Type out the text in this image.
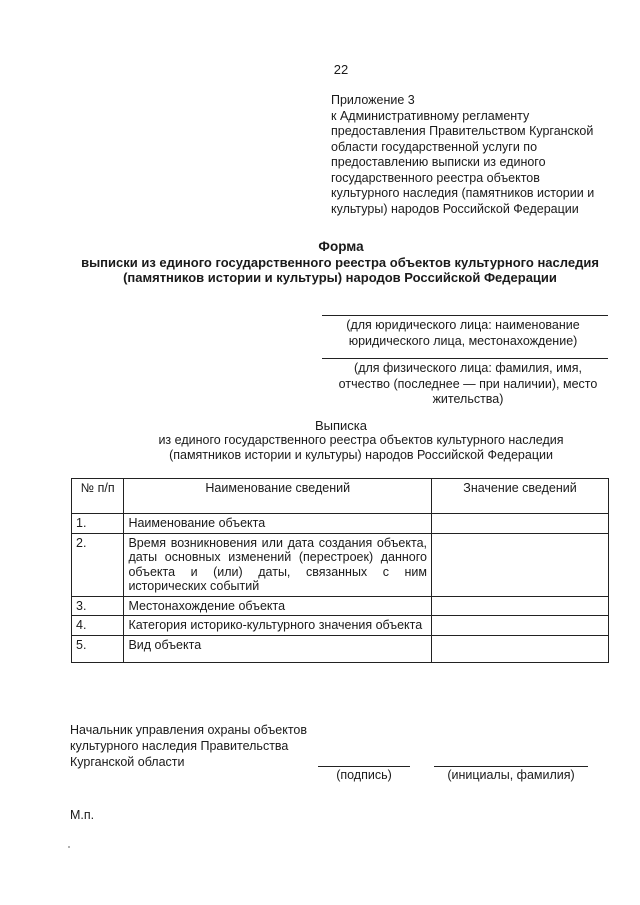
22
Приложение 3
к Административному регламенту
предоставления Правительством Курганской
области государственной услуги по
предоставлению выписки из единого
государственного реестра объектов
культурного наследия (памятников истории и
культуры) народов Российской Федерации
Форма
выписки из единого государственного реестра объектов культурного наследия
(памятников истории и культуры) народов Российской Федерации
(для юридического лица: наименование
юридического лица, местонахождение)
(для физического лица: фамилия, имя,
отчество (последнее — при наличии), место
жительства)
Выписка
из единого государственного реестра объектов культурного наследия
(памятников истории и культуры) народов Российской Федерации
№ п/п	Наименование сведений	Значение сведений
1.	Наименование объекта	
2.	Время возникновения или дата создания объекта, даты основных изменений (перестроек) данного объекта и (или) даты, связанных с ним исторических событий	
3.	Местонахождение объекта	
4.	Категория историко-культурного значения объекта	
5.	Вид объекта	
Начальник управления охраны объектов
культурного наследия Правительства
Курганской области
(подпись)	(инициалы, фамилия)
М.п.
